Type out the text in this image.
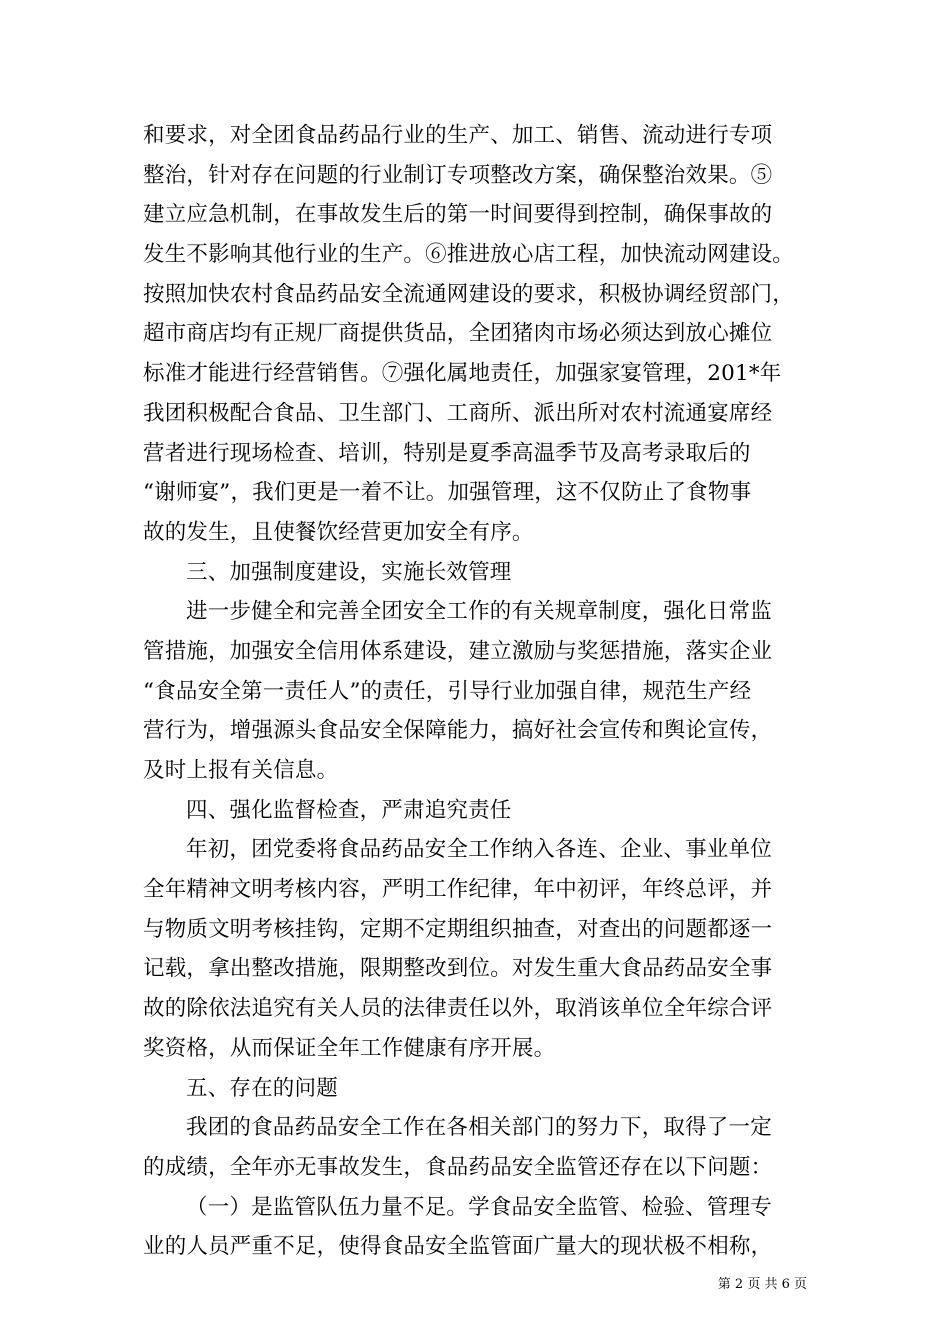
和要求，对全团食品药品行业的生产、加工、销售、流动进行专项
整治，针对存在问题的行业制订专项整改方案，确保整治效果。⑤
建立应急机制，在事故发生后的第一时间要得到控制，确保事故的
发生不影响其他行业的生产。⑥推进放心店工程，加快流动网建设。
按照加快农村食品药品安全流通网建设的要求，积极协调经贸部门，
超市商店均有正规厂商提供货品，全团猪肉市场必须达到放心摊位
标准才能进行经营销售。⑦强化属地责任，加强家宴管理，201*年
我团积极配合食品、卫生部门、工商所、派出所对农村流通宴席经
营者进行现场检查、培训，特别是夏季高温季节及高考录取后的
“谢师宴”，我们更是一着不让。加强管理，这不仅防止了食物事
故的发生，且使餐饮经营更加安全有序。
三、加强制度建设，实施长效管理
进一步健全和完善全团安全工作的有关规章制度，强化日常监
管措施，加强安全信用体系建设，建立激励与奖惩措施，落实企业
“食品安全第一责任人”的责任，引导行业加强自律，规范生产经
营行为，增强源头食品安全保障能力，搞好社会宣传和舆论宣传，
及时上报有关信息。
四、强化监督检查，严肃追究责任
年初，团党委将食品药品安全工作纳入各连、企业、事业单位
全年精神文明考核内容，严明工作纪律，年中初评，年终总评，并
与物质文明考核挂钩，定期不定期组织抽查，对查出的问题都逐一
记载，拿出整改措施，限期整改到位。对发生重大食品药品安全事
故的除依法追究有关人员的法律责任以外，取消该单位全年综合评
奖资格，从而保证全年工作健康有序开展。
五、存在的问题
我团的食品药品安全工作在各相关部门的努力下，取得了一定
的成绩，全年亦无事故发生，食品药品安全监管还存在以下问题：
（一）是监管队伍力量不足。学食品安全监管、检验、管理专
业的人员严重不足，使得食品安全监管面广量大的现状极不相称，
第 2 页 共 6 页
